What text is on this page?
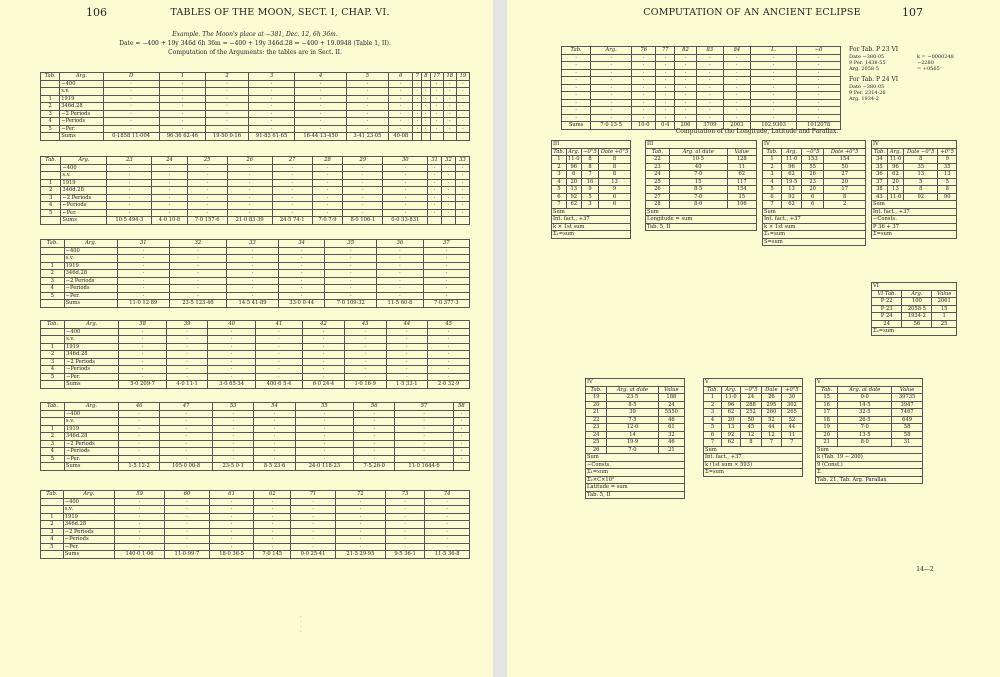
106	TABLES OF THE MOON, SECT. I, CHAP. VI.
Example. The Moon's place at −381, Dec. 12, 6h 36m.
Date = −400 + 19y 346d 6h 36m = −400 + 19y 346d.28 = −400 + 19.0948 (Table 1, II).
Computation of the Arguments: the tables are in Sect. II.
Tab.	Arg.	D	1	2	3	4	5	6	7	8	17	18	19
	−400	·	·	·	·	·	·	·	·	·	·	·	·
	s.v.	·	·	·	·	·	·	·	·	·	·	·	·
1	1919	·	·	·	·	·	·	·	·	·	·	·	·
2	346d.28	·	·	·	·	·	·	·	·	·	·	·	·
3	−2 Periods	·	·	·	·	·	·	·	·	·	·	·	·
4	−Periods	·	·	·	·	·	·	·	·	·	·	·	·
5	−Per.	·	·	·	·	·	·	·	·	·	·	·	·
	Sums	0·1858 11·004	96·36 62·46	19·50 0·16	91·83 61·65	16·44 13·450	3·41 23·05	40·08					
Tab.	Arg.	23	24	25	26	27	28	29	30	31	32	33
	−400	·	·	·	·	·	·	·	·	·	·	·
	s.v.	·	·	·	·	·	·	·	·	·	·	·
1	1919	·	·	·	·	·	·	·	·	·	·	·
2	346d.28	·	·	·	·	·	·	·	·	·	·	·
3	−2 Periods	·	·	·	·	·	·	·	·	·	·	·
4	−Periods	·	·	·	·	·	·	·	·	·	·	·
5	−Per.	·	·	·	·	·	·	·	·	·	·	·
	Sums	10·5 494·3	4·0 10·8	7·0 157·6	21·0 83·39	24·5 74·1	7·0 7·9	8·0 106·1	0·0 33·831			
Tab.	Arg.	31	32	33	34	35	36	37
	−400	·	·	·	·	·	·	·
	s.v.	·	·	·	·	·	·	·
1	1919	·	·	·	·	·	·	·
2	346d.28	·	·	·	·	·	·	·
3	−2 Periods	·	·	·	·	·	·	·
4	−Periods	·	·	·	·	·	·	·
5	−Per.	·	·	·	·	·	·	·
	Sums	11·0 12·89	23·5 123·46	14·5 41·89	33·0 0·44	7·0 109·32	11·5 60·8	7·0 377·3
Tab.	Arg.	38	39	40	41	42	43	44	45
	−400	·	·	·	·	·	·	·	·
	s.v.	·	·	·	·	·	·	·	·
1	1919	·	·	·	·	·	·	·	·
2	346d.28	·	·	·	·	·	·	·	·
3	−2 Periods	·	·	·	·	·	·	·	·
4	−Periods	·	·	·	·	·	·	·	·
5	−Per.	·	·	·	·	·	·	·	·
	Sums	5·0 209·7	4·0 11·1	3·0 65·34	400·6 5·4	6·0 24·4	1·0 16·9	1·5 33·1	2·0 32·9
Tab.	Arg.	46	47	53	54	55	56	57	58
	−400	·	·	·	·	·	·	·	·
	s.v.	·	·	·	·	·	·	·	·
1	1919	·	·	·	·	·	·	·	·
2	346d.28	·	·	·	·	·	·	·	·
3	−2 Periods	·	·	·	·	·	·	·	·
4	−Periods	·	·	·	·	·	·	·	·
5	−Per.	·	·	·	·	·	·	·	·
	Sums	1·5 12·2	105·0 00·8	23·5 0·1	8·5 23·6	24·0 118·23	7·5 26·0	11·0 1644·6	
Tab.	Arg.	59	60	61	62	71	72	73	74
	−400	·	·	·	·	·	·	·	·
	s.v.	·	·	·	·	·	·	·	·
1	1919	·	·	·	·	·	·	·	·
2	346d.28	·	·	·	·	·	·	·	·
3	−2 Periods	·	·	·	·	·	·	·	·
4	−Periods	·	·	·	·	·	·	·	·
5	−Per.	·	·	·	·	·	·	·	·
	Sums	140·0 1·06	11·0 99·7	18·0 36·5	7·0 145	0·0 25·41	21·5 29·95	9·5 36·1	11·5 36·8
·
·
·
·
COMPUTATION OF AN ANCIENT ECLIPSE	107
Tab.	Arg.	76	77	82	83	84	L.	−0
·	·	·	·	·	·	·	·	·
·	·	·	·	·	·	·	·	·
·	·	·	·	·	·	·	·	·
·	·	·	·	·	·	·	·	·
·	·	·	·	·	·	·	·	·
·	·	·	·	·	·	·	·	·
·	·	·	·	·	·	·	·	·
·	·	·	·	·	·	·	·	·
·	·	·	·	·	·	·	·	·
Sums	7·0 13·5	10·0	0·4	206	3709	2003	102.9303	1012078
For Tab. P 23 VI
Date −380·05
9 Per. 1438·55
Arg. 2058·5
For Tab. P 24 VI
Date −380·05
9 Per. 2314·26
Arg. 1934·2
k = −0000248
−2280
= +0565
Computation of the Longitude, Latitude and Parallax.
III			
Tab.	Arg.	−0°5	Date +0°5
1	11·0	8	8
2	96	8	8
3	6	7	8
4	20	16	13
5	13	9	9
6	92	5	6
7	62	3	6
Sum			
Int. fact., +37			
k × 1st sum			
Σ₁=sum			
III		
Tab.	Arg. at date	Value
22	10·5	128
23	40	11
24	7·0	62
25	15	117
26	8·5	154
27	7·0	15
28	8·0	106
Sum		
Longitude = sum		
Tab. 5, II		
IV			
Tab.	Arg.	−0°5	Date +0°5
1	11·0	153	154
2	96	55	50
3	62	26	27
4	19·5	23	20
5	13	20	17
6	92	6	8
7	62	6	2
Sum			
Int. fact., +37			
k × 1st sum			
Σ₁=sum			
S=sum			
IV			
Tab.	Arg.	Date −0°5	+0°5
34	11·0	8	9
35	96	35	35
36	62	13	13
37	20	5	5
38	13	8	8
43	11·0	92	90
Sum			
Int. fact., +37			
−Consts.			
P 36 + 37			
Σ=sum			
VI		
VI Tab.	Arg.	Value
P 22	100	2061
P 23	2058·5	15
P 24	1934·2	1
24	56	25
Σ₂=sum		
IV		
Tab.	Arg. at date	Value
19	23·5	188
20	8·5	24
21	39	5550
22	7·5	46
23	12·0	61
24	14	32
25	19·9	46
26	7·0	21
Sum		
−Consts.		
Σ₁=sum		
Σ₂×C×10²		
Latitude = sum		
Tab. 5, II		
V				
Tab.	Arg.	−0°5	Date	+0°5
1	11·0	24	26	30
2	96	288	295	302
3	62	252	260	265
4	20	50	52	52
5	13	45	44	44
6	92	12	12	11
7	62	8	7	7
Sum				
Int. fact., +37				
k (1st sum × 593)				
Σ=sum				
V		
Tab.	Arg. at date	Value
15	0·0	39735
16	14·5	3947
17	32·5	7467
18	26·5	649
19	7·0	58
20	13·5	58
21	8·0	31
Sum		
k (Tab. 19 − 200)		
9 (Const.)		
Σ		
Tab. 21, Tab. Arg. Parallax		
14—2
